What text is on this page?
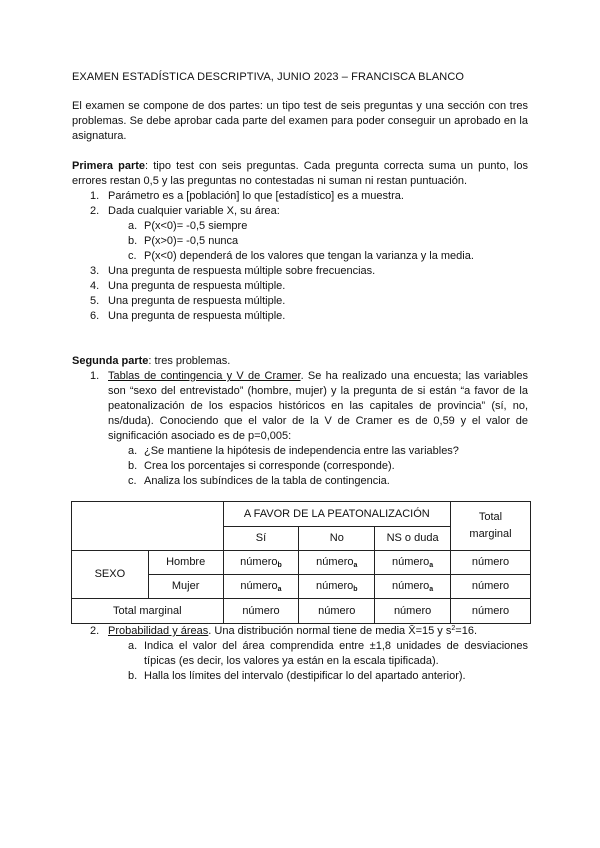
EXAMEN ESTADÍSTICA DESCRIPTIVA, JUNIO 2023 – FRANCISCA BLANCO

El examen se compone de dos partes: un tipo test de seis preguntas y una sección con tres problemas. Se debe aprobar cada parte del examen para poder conseguir un aprobado en la asignatura.

Primera parte: tipo test con seis preguntas. Cada pregunta correcta suma un punto, los errores restan 0,5 y las preguntas no contestadas ni suman ni restan puntuación.

1. Parámetro es a [población] lo que [estadístico] es a muestra.
2. Dada cualquier variable X, su área:
a. P(x<0)= -0,5 siempre
b. P(x>0)= -0,5 nunca
c. P(x<0) dependerá de los valores que tengan la varianza y la media.
3. Una pregunta de respuesta múltiple sobre frecuencias.
4. Una pregunta de respuesta múltiple.
5. Una pregunta de respuesta múltiple.
6. Una pregunta de respuesta múltiple.

Segunda parte: tres problemas.

1. Tablas de contingencia y V de Cramer. Se ha realizado una encuesta; las variables son “sexo del entrevistado” (hombre, mujer) y la pregunta de si están “a favor de la peatonalización de los espacios históricos en las capitales de provincia” (sí, no, ns/duda). Conociendo que el valor de la V de Cramer es de 0,59 y el valor de significación asociado es de p=0,005:

a. ¿Se mantiene la hipótesis de independencia entre las variables?
b. Crea los porcentajes si corresponde (corresponde).
c. Analiza los subíndices de la tabla de contingencia.
		A FAVOR DE LA PEATONALIZACIÓN			Total marginal
		Sí	No	NS o duda	
SEXO	Hombre	número$_b$	número$_a$	número$_a$	número
	Mujer	número$_a$	número$_b$	número$_a$	número
Total marginal		número	número	número	número
2. Probabilidad y áreas. Una distribución normal tiene de media X̄=15 y $s^2=16$.
a. Indica el valor del área comprendida entre ±1,8 unidades de desviaciones típicas (es decir, los valores ya están en la escala tipificada).

b. Halla los límites del intervalo (destipificar lo del apartado anterior).
